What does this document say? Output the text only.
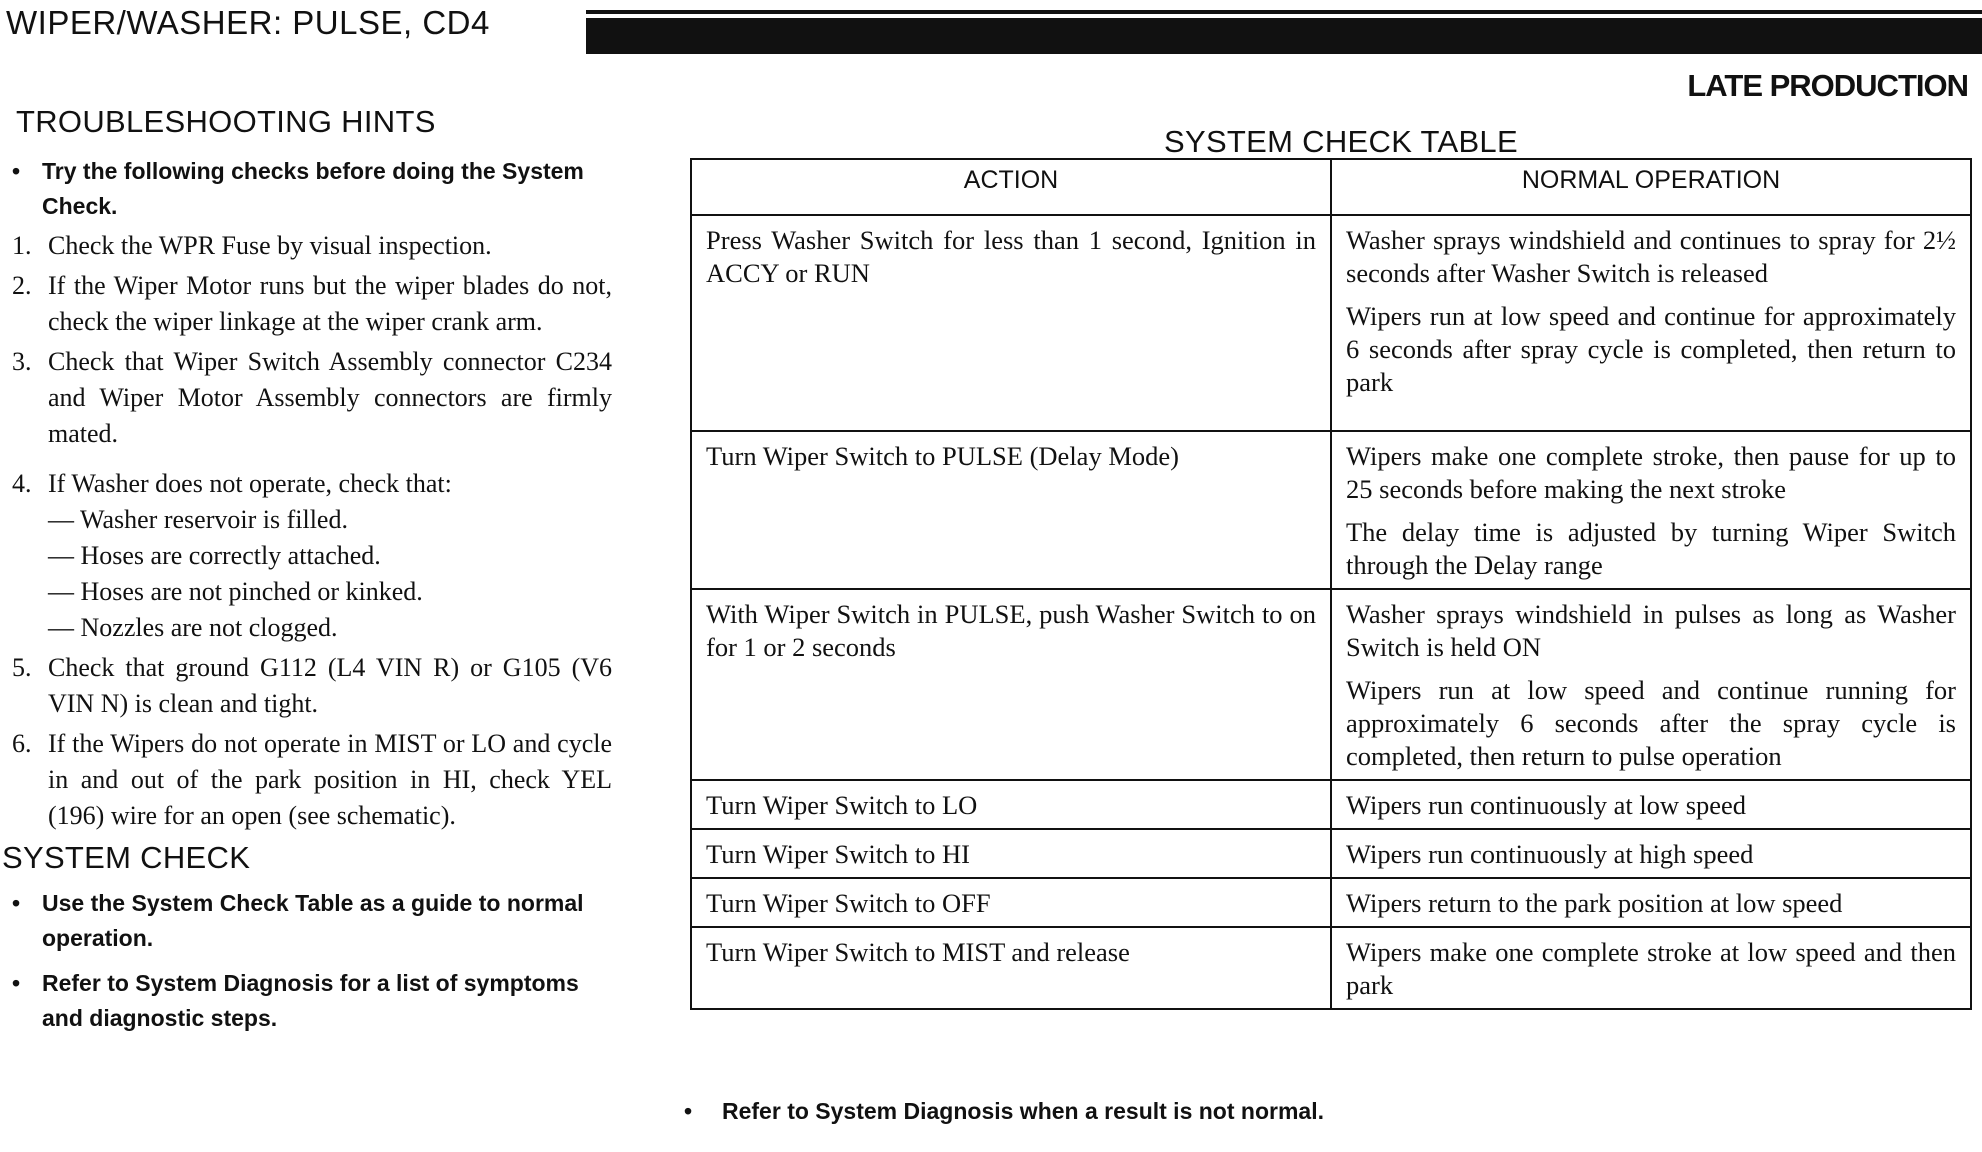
WIPER/WASHER: PULSE, CD4
LATE PRODUCTION
TROUBLESHOOTING HINTS
• Try the following checks before doing the System Check.
1. Check the WPR Fuse by visual inspection.
2. If the Wiper Motor runs but the wiper blades do not, check the wiper linkage at the wiper crank arm.
3. Check that Wiper Switch Assembly connector C234 and Wiper Motor Assembly connectors are firmly mated.
4. If Washer does not operate, check that:
— Washer reservoir is filled.
— Hoses are correctly attached.
— Hoses are not pinched or kinked.
— Nozzles are not clogged.
5. Check that ground G112 (L4 VIN R) or G105 (V6 VIN N) is clean and tight.
6. If the Wipers do not operate in MIST or LO and cycle in and out of the park position in HI, check YEL (196) wire for an open (see schematic).
SYSTEM CHECK
• Use the System Check Table as a guide to normal operation.
• Refer to System Diagnosis for a list of symptoms and diagnostic steps.
SYSTEM CHECK TABLE
ACTION	NORMAL OPERATION

Press Washer Switch for less than 1 second, Ignition in ACCY or RUN	Washer sprays windshield and continues to spray for 2½ seconds after Washer Switch is released

Wipers run at low speed and continue for approximately 6 seconds after spray cycle is completed, then return to park

Turn Wiper Switch to PULSE (Delay Mode)	Wipers make one complete stroke, then pause for up to 25 seconds before making the next stroke

The delay time is adjusted by turning Wiper Switch through the Delay range

With Wiper Switch in PULSE, push Washer Switch to on for 1 or 2 seconds	Washer sprays windshield in pulses as long as Washer Switch is held ON

Wipers run at low speed and continue running for approximately 6 seconds after the spray cycle is completed, then return to pulse operation

Turn Wiper Switch to LO	Wipers run continuously at low speed

Turn Wiper Switch to HI	Wipers run continuously at high speed

Turn Wiper Switch to OFF	Wipers return to the park position at low speed

Turn Wiper Switch to MIST and release	Wipers make one complete stroke at low speed and then park

•	Refer to System Diagnosis when a result is not normal.
